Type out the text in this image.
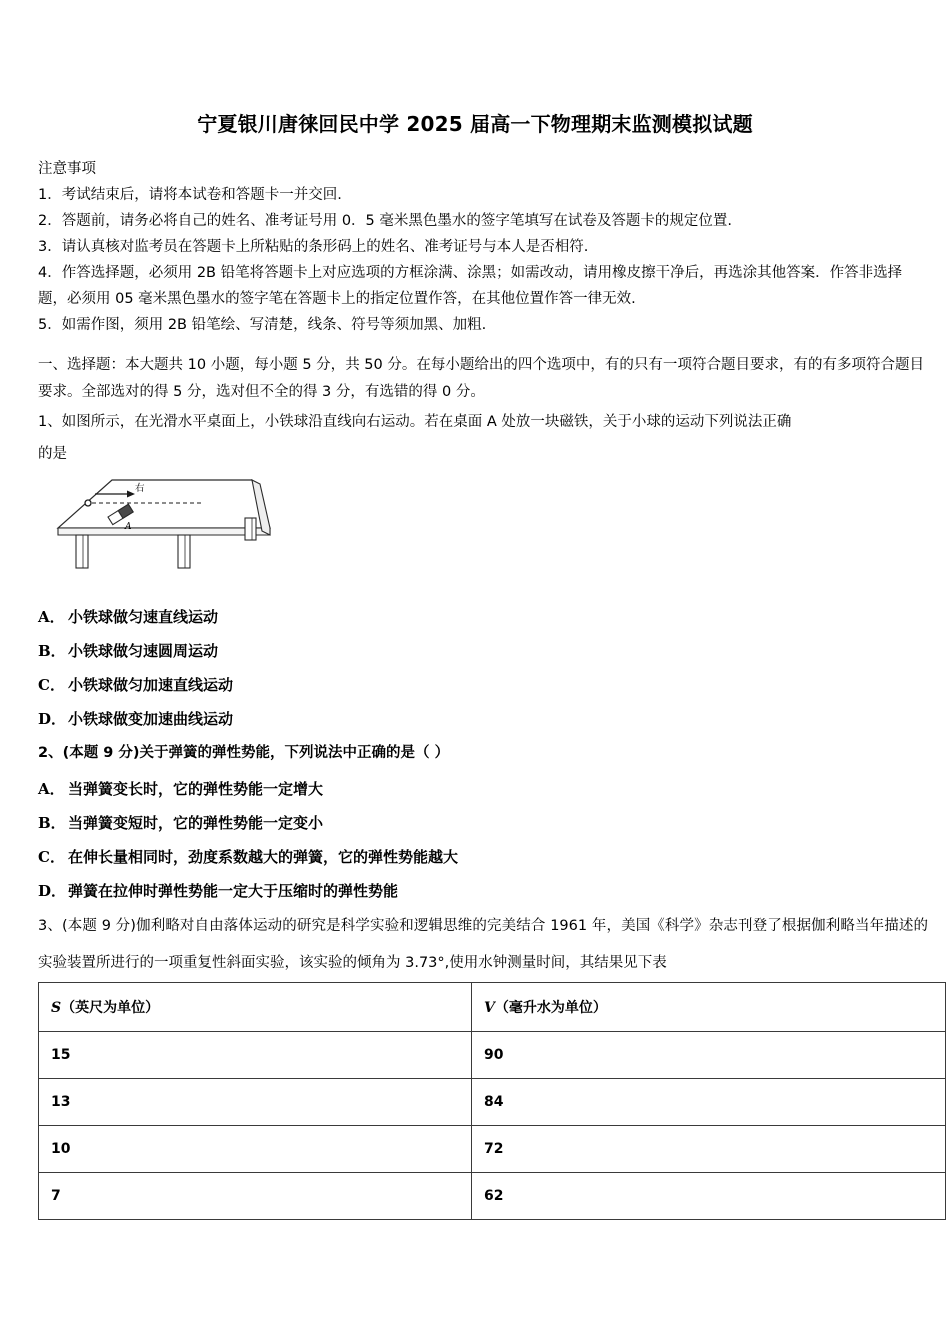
宁夏银川唐徕回民中学 2025 届高一下物理期末监测模拟试题
注意事项
1．考试结束后，请将本试卷和答题卡一并交回.
2．答题前，请务必将自己的姓名、准考证号用 0．5 毫米黑色墨水的签字笔填写在试卷及答题卡的规定位置.
3．请认真核对监考员在答题卡上所粘贴的条形码上的姓名、准考证号与本人是否相符.
4．作答选择题，必须用 2B 铅笔将答题卡上对应选项的方框涂满、涂黑；如需改动，请用橡皮擦干净后，再选涂其他答案．作答非选择题，必须用 05 毫米黑色墨水的签字笔在答题卡上的指定位置作答，在其他位置作答一律无效.
5．如需作图，须用 2B 铅笔绘、写清楚，线条、符号等须加黑、加粗.
一、选择题：本大题共 10 小题，每小题 5 分，共 50 分。在每小题给出的四个选项中，有的只有一项符合题目要求，有的有多项符合题目要求。全部选对的得 5 分，选对但不全的得 3 分，有选错的得 0 分。
1、如图所示，在光滑水平桌面上，小铁球沿直线向右运动。若在桌面 A 处放一块磁铁，关于小球的运动下列说法正确
的是
右
A
A． 小铁球做匀速直线运动
B． 小铁球做匀速圆周运动
C． 小铁球做匀加速直线运动
D． 小铁球做变加速曲线运动
2、(本题 9 分)关于弹簧的弹性势能，下列说法中正确的是（ ）
A． 当弹簧变长时，它的弹性势能一定增大
B． 当弹簧变短时，它的弹性势能一定变小
C． 在伸长量相同时，劲度系数越大的弹簧，它的弹性势能越大
D． 弹簧在拉伸时弹性势能一定大于压缩时的弹性势能
3、(本题 9 分)伽利略对自由落体运动的研究是科学实验和逻辑思维的完美结合 1961 年，美国《科学》杂志刊登了根据伽利略当年描述的实验装置所进行的一项重复性斜面实验，该实验的倾角为 3.73°,使用水钟测量时间，其结果见下表
S（英尺为单位）	V（毫升水为单位）
15	90
13	84
10	72
7	62
